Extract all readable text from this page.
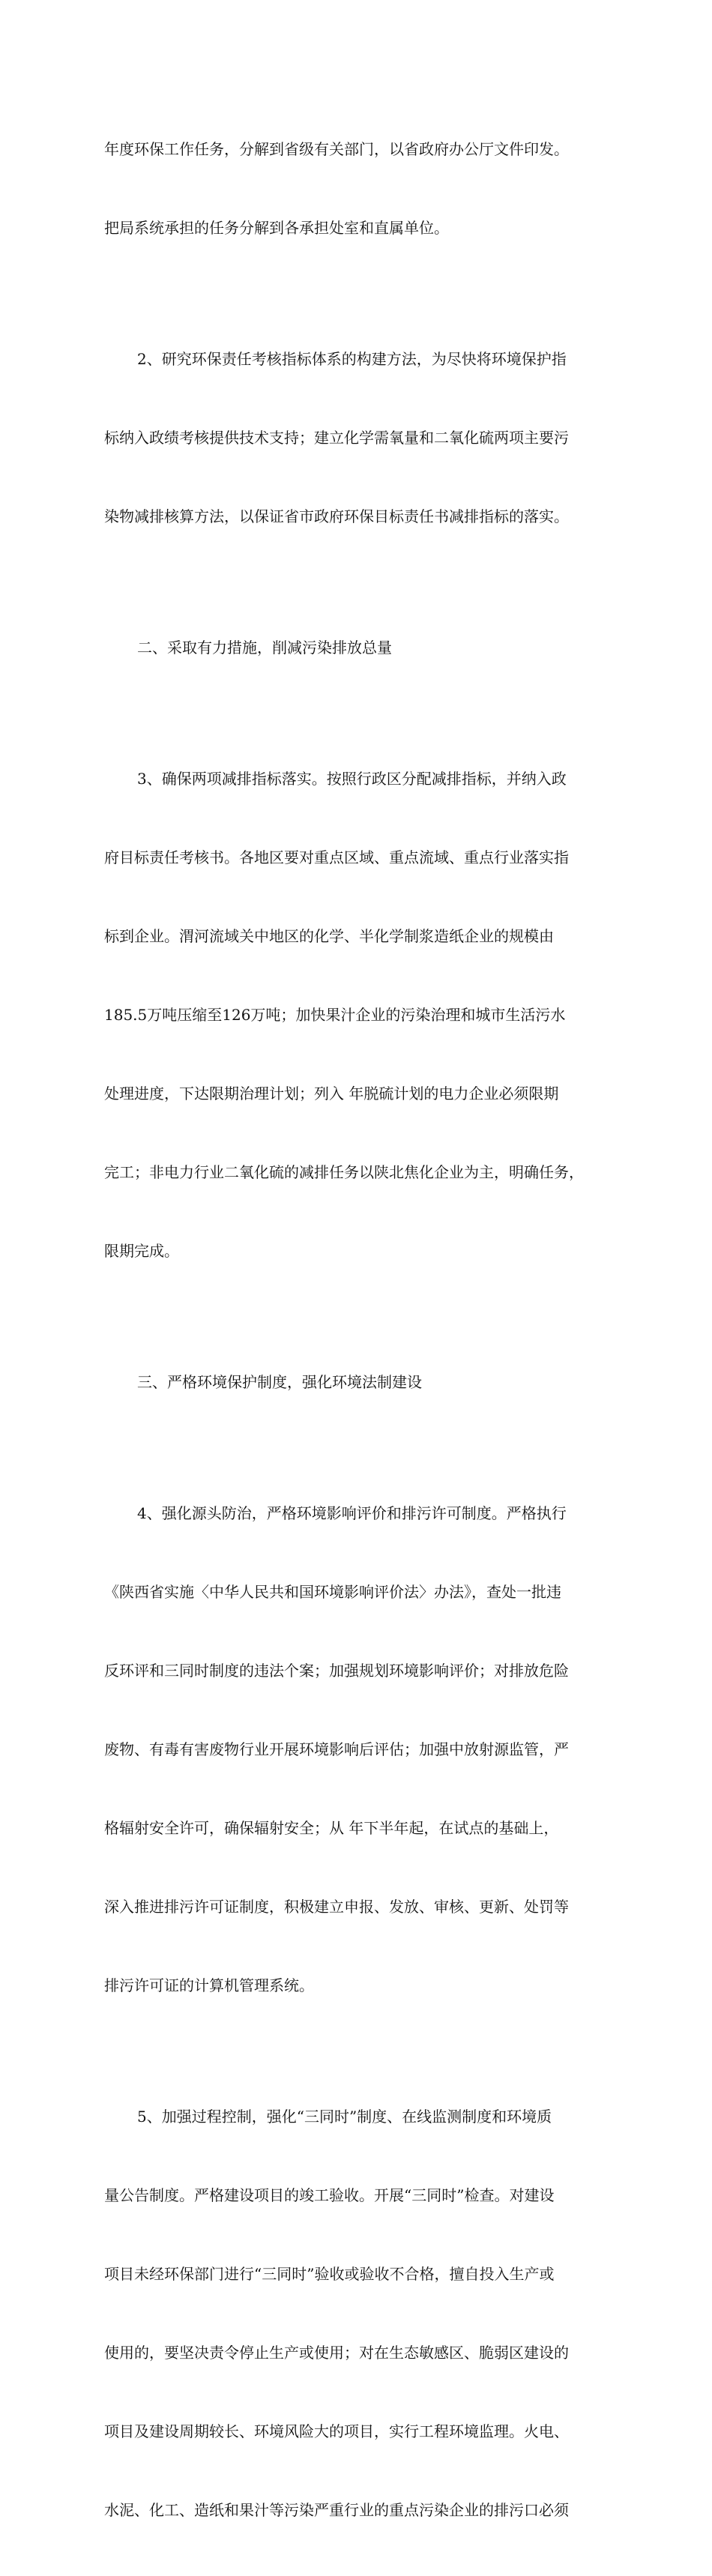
年度环保工作任务，分解到省级有关部门，以省政府办公厅文件印发。

把局系统承担的任务分解到各承担处室和直属单位。

2、研究环保责任考核指标体系的构建方法，为尽快将环境保护指

标纳入政绩考核提供技术支持；建立化学需氧量和二氧化硫两项主要污

染物减排核算方法，以保证省市政府环保目标责任书减排指标的落实。

二、采取有力措施，削减污染排放总量

3、确保两项减排指标落实。按照行政区分配减排指标，并纳入政

府目标责任考核书。各地区要对重点区域、重点流域、重点行业落实指

标到企业。渭河流域关中地区的化学、半化学制浆造纸企业的规模由

185.5万吨压缩至126万吨；加快果汁企业的污染治理和城市生活污水

处理进度，下达限期治理计划；列入 年脱硫计划的电力企业必须限期

完工；非电力行业二氧化硫的减排任务以陕北焦化企业为主，明确任务，

限期完成。

三、严格环境保护制度，强化环境法制建设

4、强化源头防治，严格环境影响评价和排污许可制度。严格执行

《陕西省实施〈中华人民共和国环境影响评价法〉办法》，查处一批违

反环评和三同时制度的违法个案；加强规划环境影响评价；对排放危险

废物、有毒有害废物行业开展环境影响后评估；加强中放射源监管，严

格辐射安全许可，确保辐射安全；从 年下半年起，在试点的基础上，

深入推进排污许可证制度，积极建立申报、发放、审核、更新、处罚等

排污许可证的计算机管理系统。

5、加强过程控制，强化“三同时”制度、在线监测制度和环境质

量公告制度。严格建设项目的竣工验收。开展“三同时”检查。对建设

项目未经环保部门进行“三同时”验收或验收不合格，擅自投入生产或

使用的，要坚决责令停止生产或使用；对在生态敏感区、脆弱区建设的

项目及建设周期较长、环境风险大的项目，实行工程环境监理。火电、

水泥、化工、造纸和果汁等污染严重行业的重点污染企业的排污口必须
